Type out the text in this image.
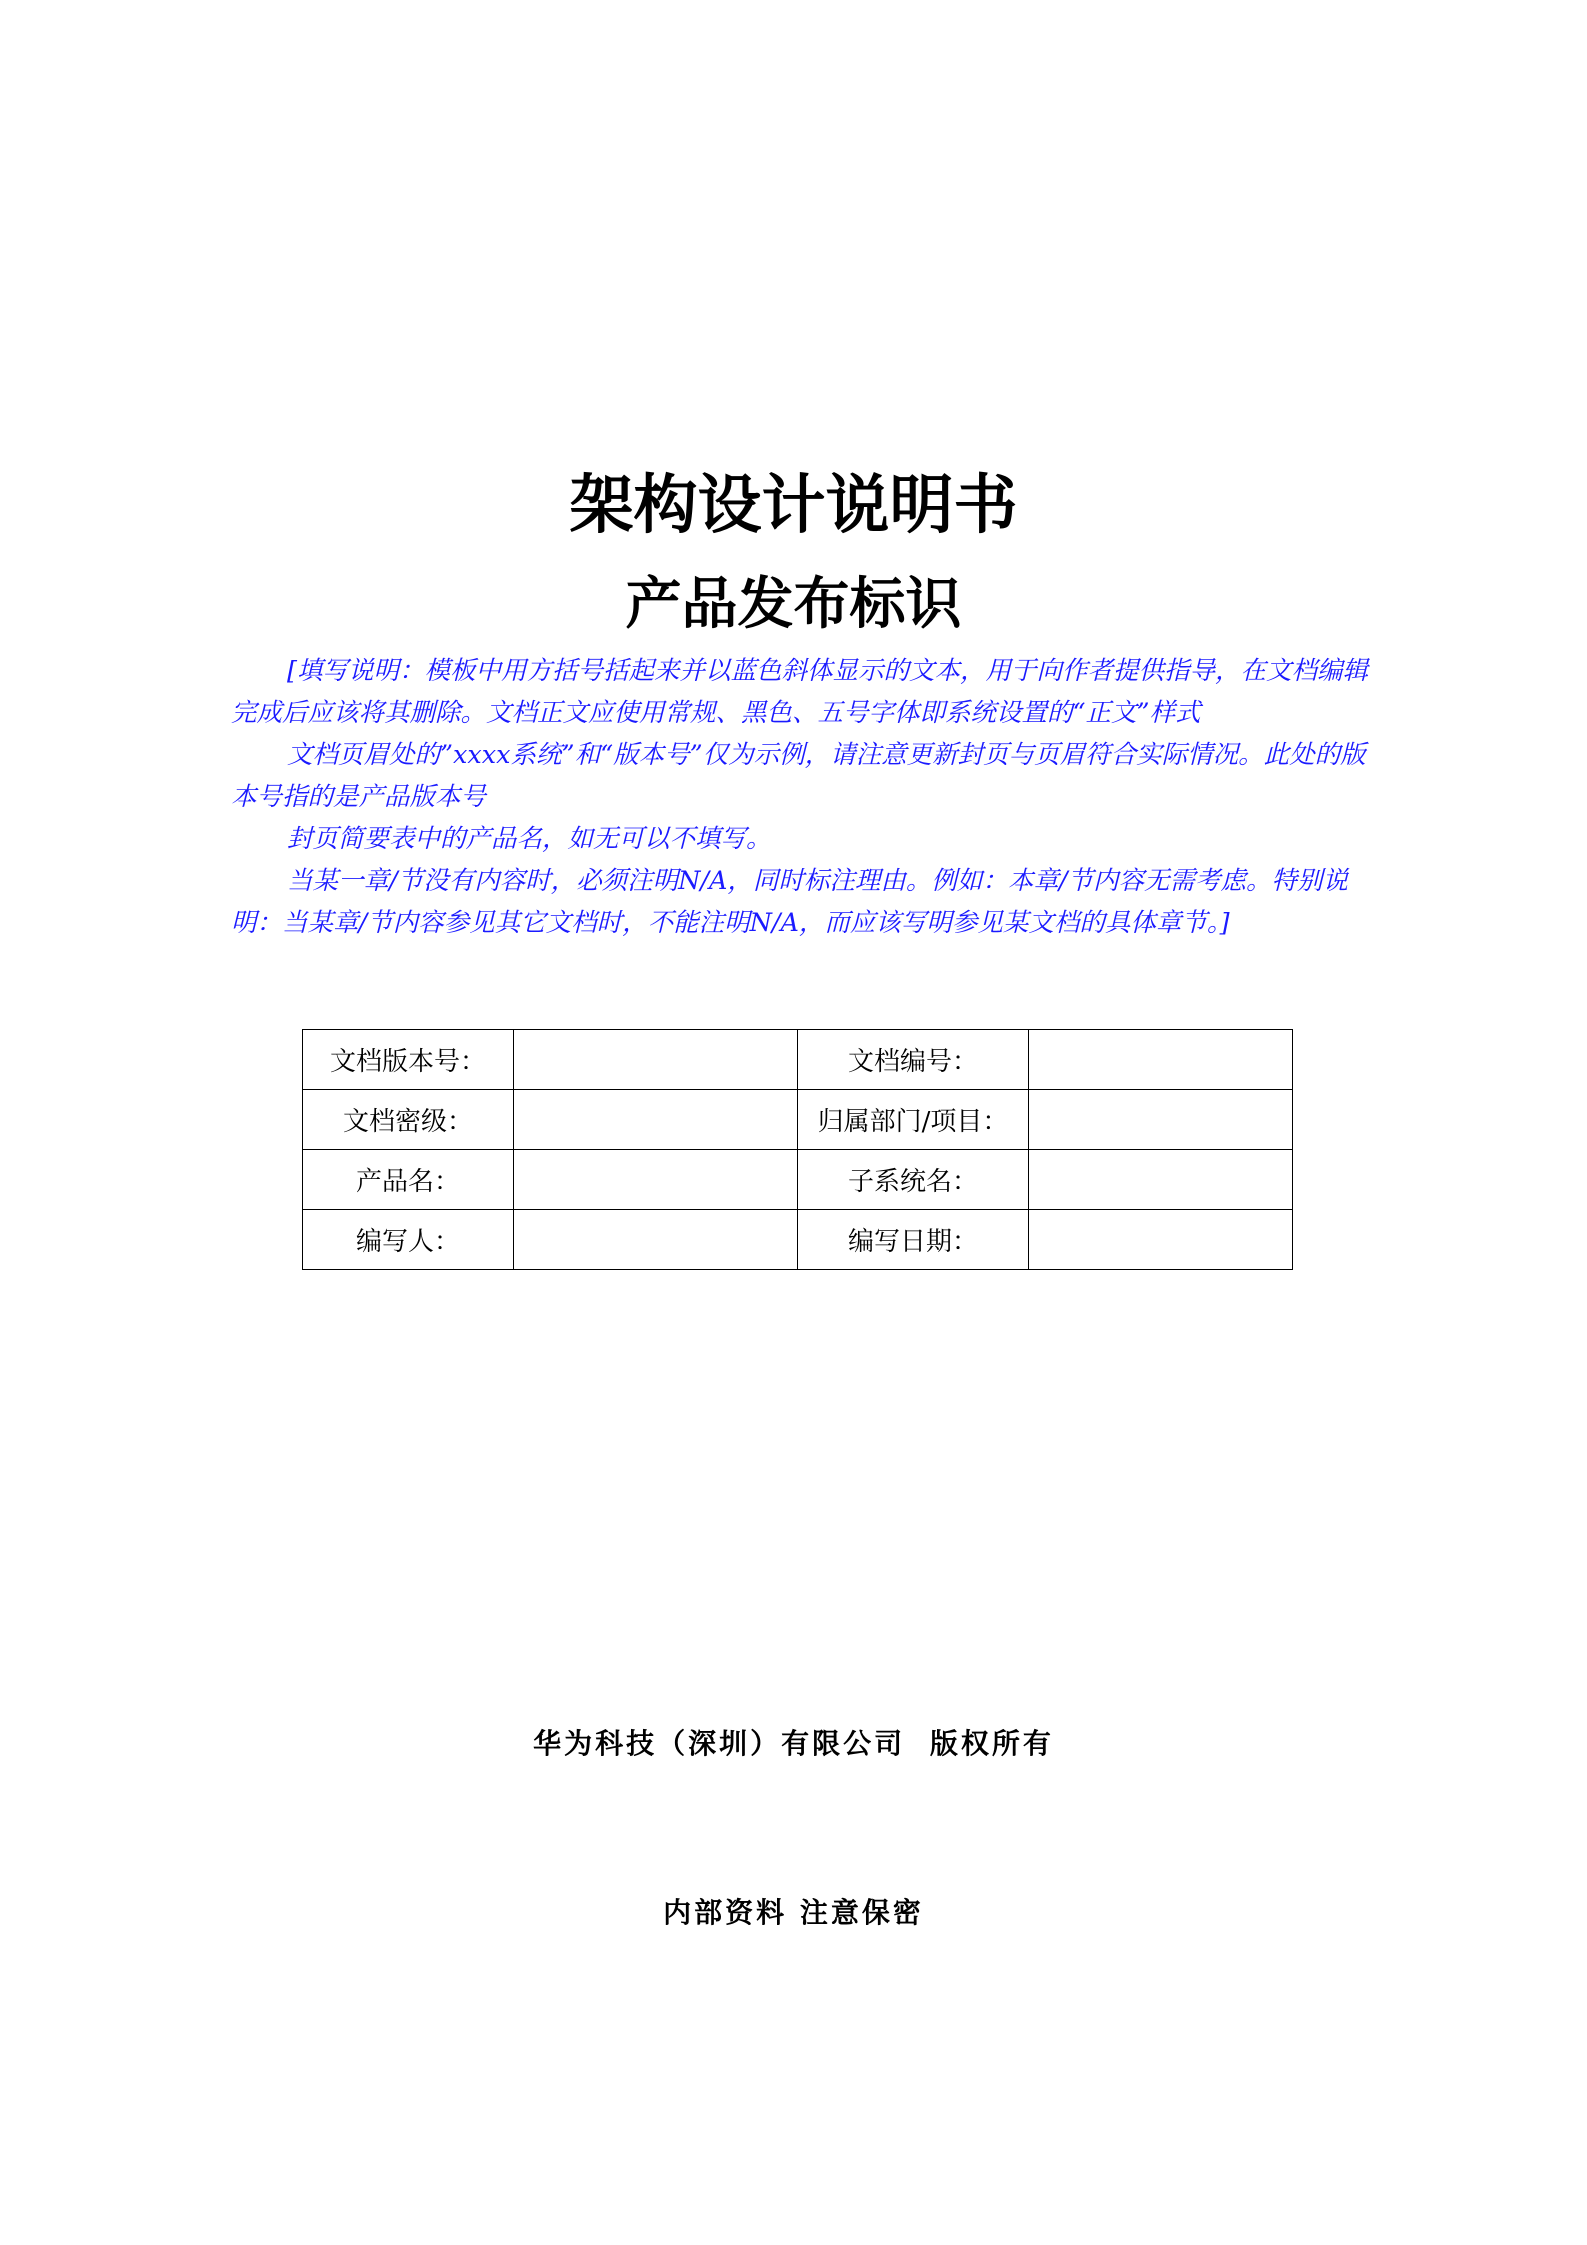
架构设计说明书
产品发布标识

[填写说明：模板中用方括号括起来并以蓝色斜体显示的文本，用于向作者提供指导，在文档编辑完成后应该将其删除。文档正文应使用常规、黑色、五号字体即系统设置的“正文”样式

文档页眉处的”xxxx系统”和“版本号”仅为示例，请注意更新封页与页眉符合实际情况。此处的版本号指的是产品版本号

封页简要表中的产品名，如无可以不填写。

当某一章/节没有内容时，必须注明N/A，同时标注理由。例如：本章/节内容无需考虑。特别说明：当某章/节内容参见其它文档时，不能注明N/A，而应该写明参见某文档的具体章节。]

文档版本号：		文档编号：	
文档密级：		归属部门/项目：	
产品名：		子系统名：	
编写人：		编写日期：	

华为科技（深圳）有限公司 版权所有

内部资料 注意保密
